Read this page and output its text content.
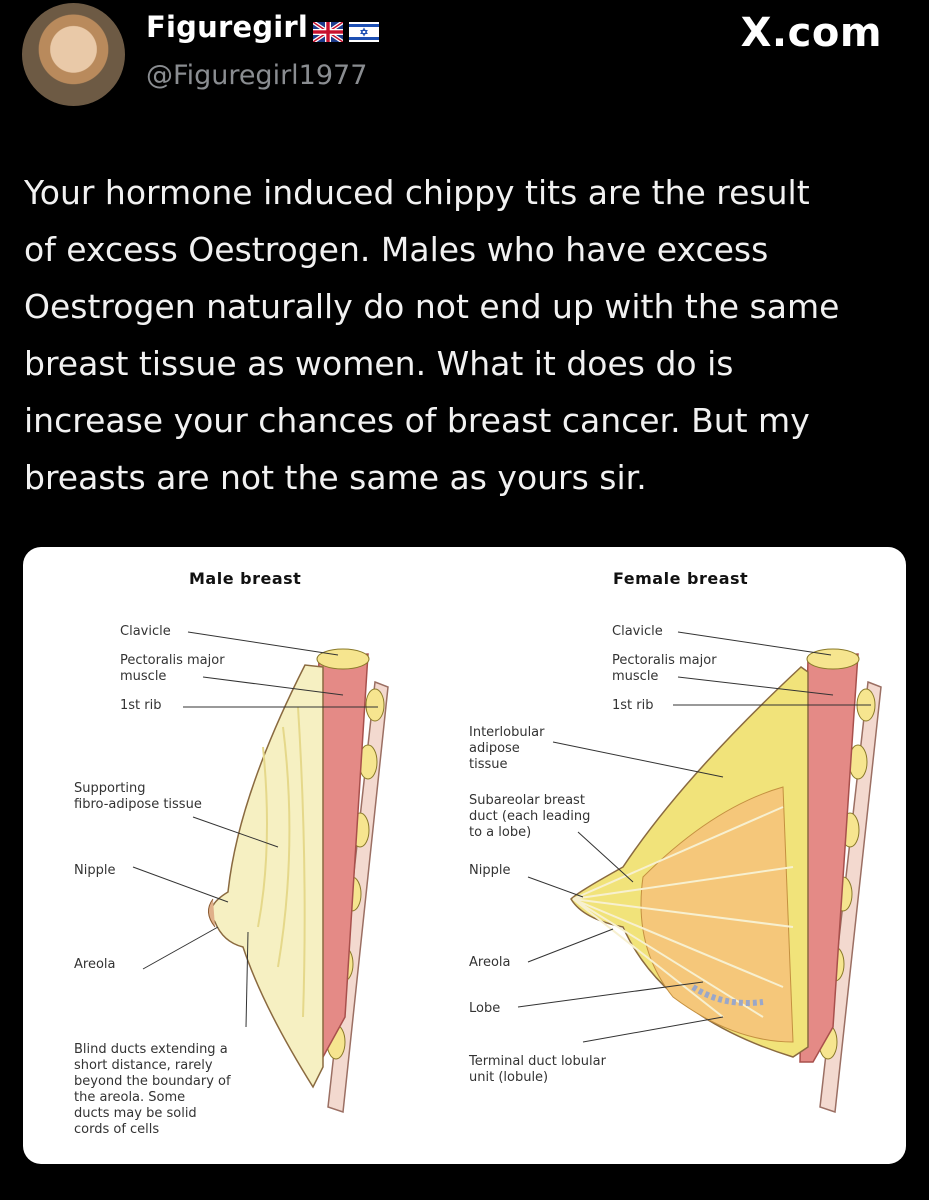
Figuregirl
@Figuregirl1977
X.com
Your hormone induced chippy tits are the result
of excess Oestrogen. Males who have excess
Oestrogen naturally do not end up with the same
breast tissue as women. What it does do is
increase your chances of breast cancer. But my
breasts are not the same as yours sir.
Male breast	Female breast
Clavicle
Pectoralis major
muscle
1st rib
Supporting
fibro-adipose tissue
Nipple
Areola
Blind ducts extending a
short distance, rarely
beyond the boundary of
the areola. Some
ducts may be solid
cords of cells
Clavicle
Pectoralis major
muscle
1st rib
Interlobular
adipose
tissue
Subareolar breast
duct (each leading
to a lobe)
Nipple
Areola
Lobe
Terminal duct lobular
unit (lobule)
